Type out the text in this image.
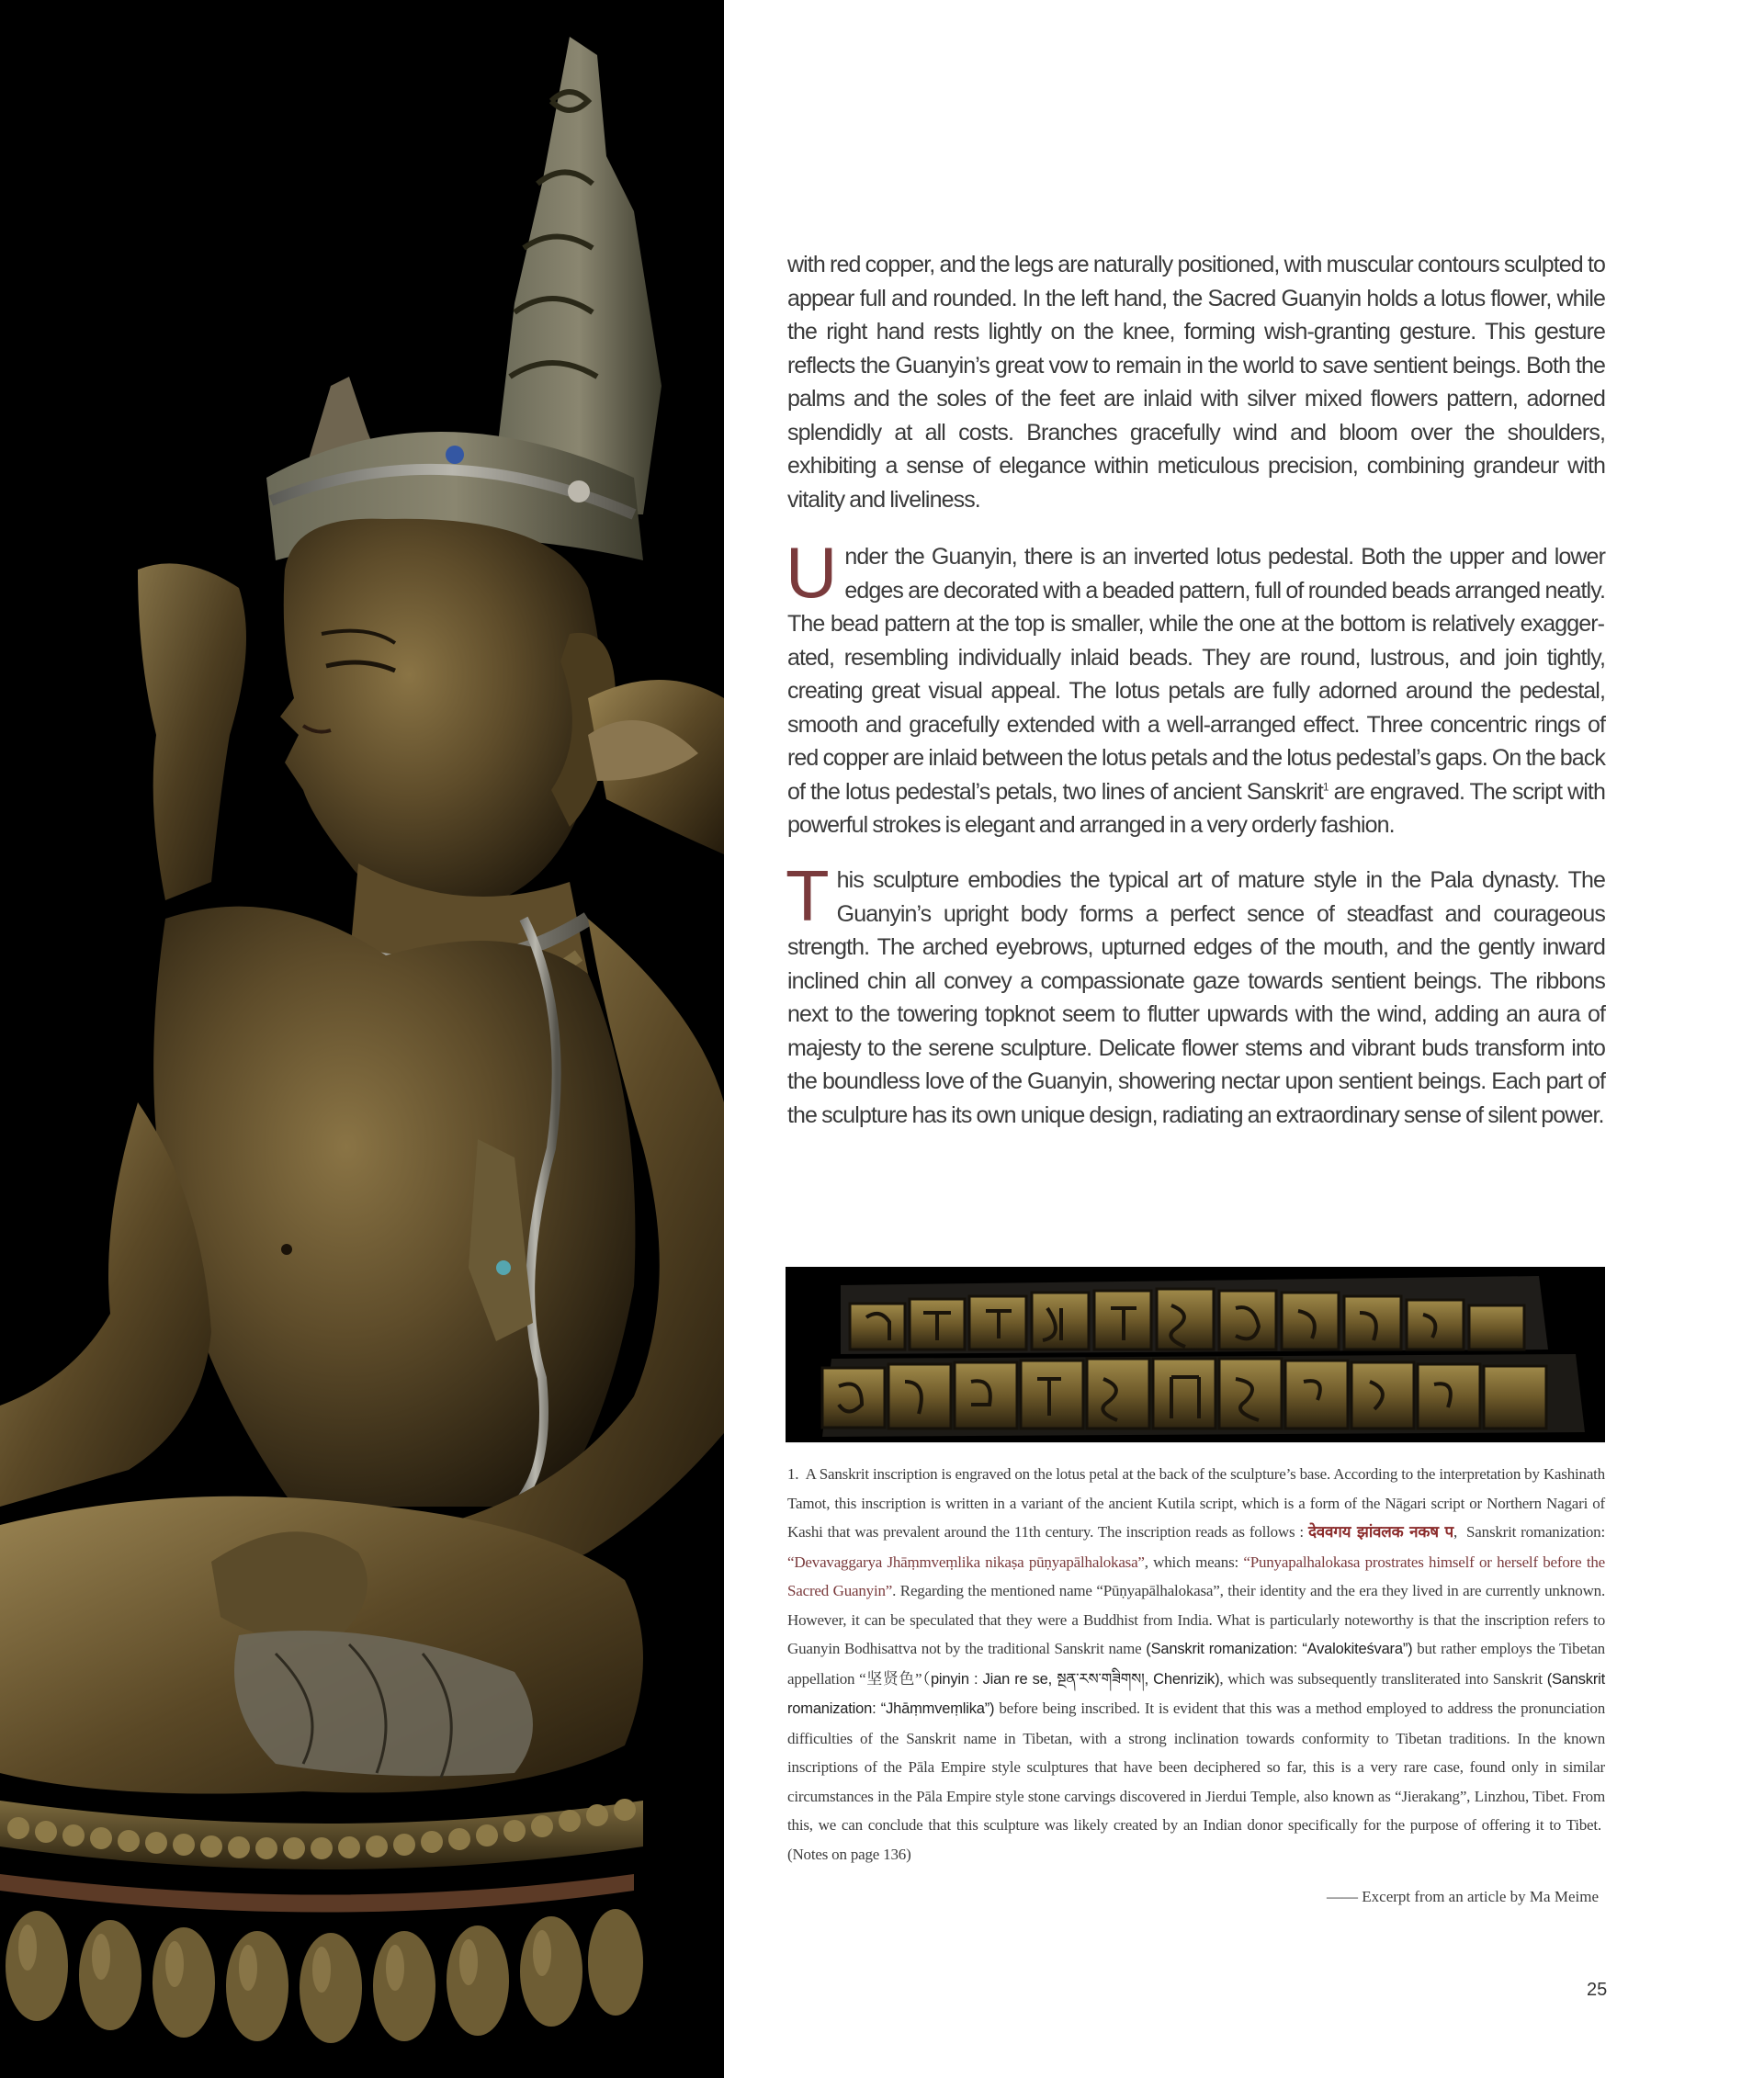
with red copper, and the legs are naturally positioned, with muscular contours sculpted to appear full and rounded. In the left hand, the Sacred Guanyin holds a lotus flower, while the right hand rests lightly on the knee, forming wish-granting gesture. This gesture reflects the Guanyin’s great vow to remain in the world to save sentient beings. Both the palms and the soles of the feet are inlaid with silver mixed flowers pattern, adorned splendidly at all costs. Branches gracefully wind and bloom over the shoulders, exhibiting a sense of elegance within meticulous precision, combining grandeur with vitality and liveliness.

Under the Guanyin, there is an inverted lotus pedestal. Both the upper and lower edges are decorated with a beaded pattern, full of rounded beads arranged neatly. The bead pattern at the top is smaller, while the one at the bottom is relatively exaggerated, resembling individually inlaid beads. They are round, lustrous, and join tightly, creating great visual appeal. The lotus petals are fully adorned around the pedestal, smooth and gracefully extended with a well-arranged effect. Three concentric rings of red copper are inlaid between the lotus petals and the lotus pedestal’s gaps. On the back of the lotus pedestal’s petals, two lines of ancient Sanskrit$^1$ are engraved. The script with powerful strokes is elegant and arranged in a very orderly fashion.

This sculpture embodies the typical art of mature style in the Pala dynasty. The Guanyin’s upright body forms a perfect sence of steadfast and courageous strength. The arched eyebrows, upturned edges of the mouth, and the gently inward inclined chin all convey a compassionate gaze towards sentient beings. The ribbons next to the towering topknot seem to flutter upwards with the wind, adding an aura of majesty to the serene sculpture. Delicate flower stems and vibrant buds transform into the boundless love of the Guanyin, showering nectar upon sentient beings. Each part of the sculpture has its own unique design, radiating an extraordinary sense of silent power.

1. A Sanskrit inscription is engraved on the lotus petal at the back of the sculpture’s base. According to the interpretation by Kashinath Tamot, this inscription is written in a variant of the ancient Kutila script, which is a form of the Nāgari script or Northern Nagari of Kashi that was prevalent around the 11th century. The inscription reads as follows : देववगय झांवलक नकष प,  Sanskrit romanization: “Devavaggarya Jhāṃmveṃlika nikaṣa pūṇyapālhalokasa”, which means: “Punyapalhalokasa prostrates himself or herself before the Sacred Guanyin”. Regarding the mentioned name “Pūṇyapālhalokasa”, their identity and the era they lived in are currently unknown. However, it can be speculated that they were a Buddhist from India. What is particularly noteworthy is that the inscription refers to Guanyin Bodhisattva not by the traditional Sanskrit name (Sanskrit romanization: “Avalokiteśvara”) but rather employs the Tibetan appellation “坚贤色”（pinyin : Jian re se, སྔན་རས་གཟིགས།, Chenrizik), which was subsequently transliterated into Sanskrit (Sanskrit romanization: “Jhāṃmveṃlika”) before being inscribed. It is evident that this was a method employed to address the pronunciation difficulties of the Sanskrit name in Tibetan, with a strong inclination towards conformity to Tibetan traditions. In the known inscriptions of the Pāla Empire style sculptures that have been deciphered so far, this is a very rare case, found only in similar circumstances in the Pāla Empire style stone carvings discovered in Jierdui Temple, also known as “Jierakang”, Linzhou, Tibet. From this, we can conclude that this sculpture was likely created by an Indian donor specifically for the purpose of offering it to Tibet.  (Notes on page 136)

—— Excerpt from an article by Ma Meime
25
